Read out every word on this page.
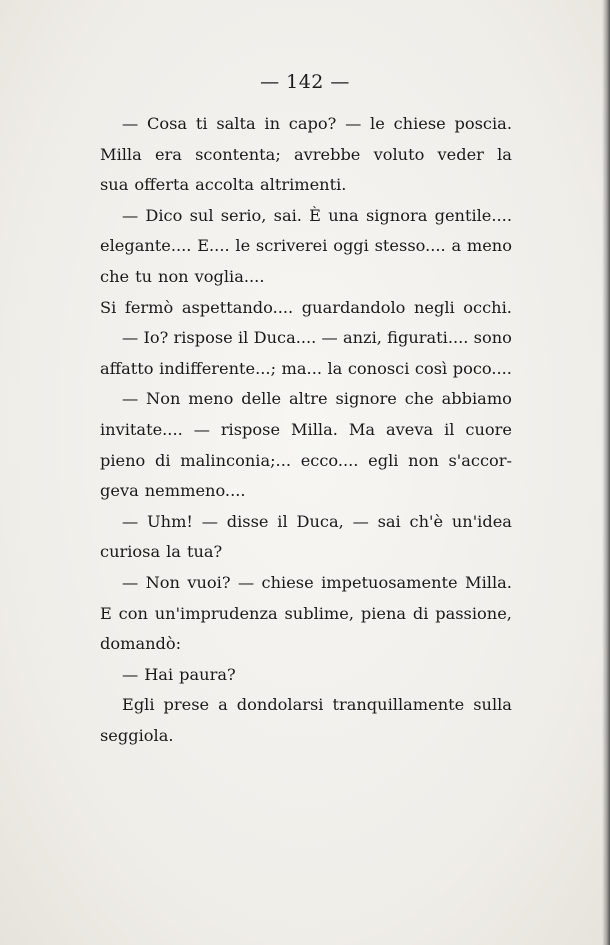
— 142 —
— Cosa ti salta in capo? — le chiese poscia.
Milla era scontenta; avrebbe voluto veder la
sua offerta accolta altrimenti.
— Dico sul serio, sai. È una signora gentile....
elegante.... E.... le scriverei oggi stesso.... a meno
che tu non voglia....
Si fermò aspettando.... guardandolo negli occhi.
— Io? rispose il Duca.... — anzi, figurati.... sono
affatto indifferente...; ma... la conosci così poco....
— Non meno delle altre signore che abbiamo
invitate.... — rispose Milla. Ma aveva il cuore
pieno di malinconia;... ecco.... egli non s'accor-
geva nemmeno....
— Uhm! — disse il Duca, — sai ch'è un'idea
curiosa la tua?
— Non vuoi? — chiese impetuosamente Milla.
E con un'imprudenza sublime, piena di passione,
domandò:
— Hai paura?
Egli prese a dondolarsi tranquillamente sulla
seggiola.
